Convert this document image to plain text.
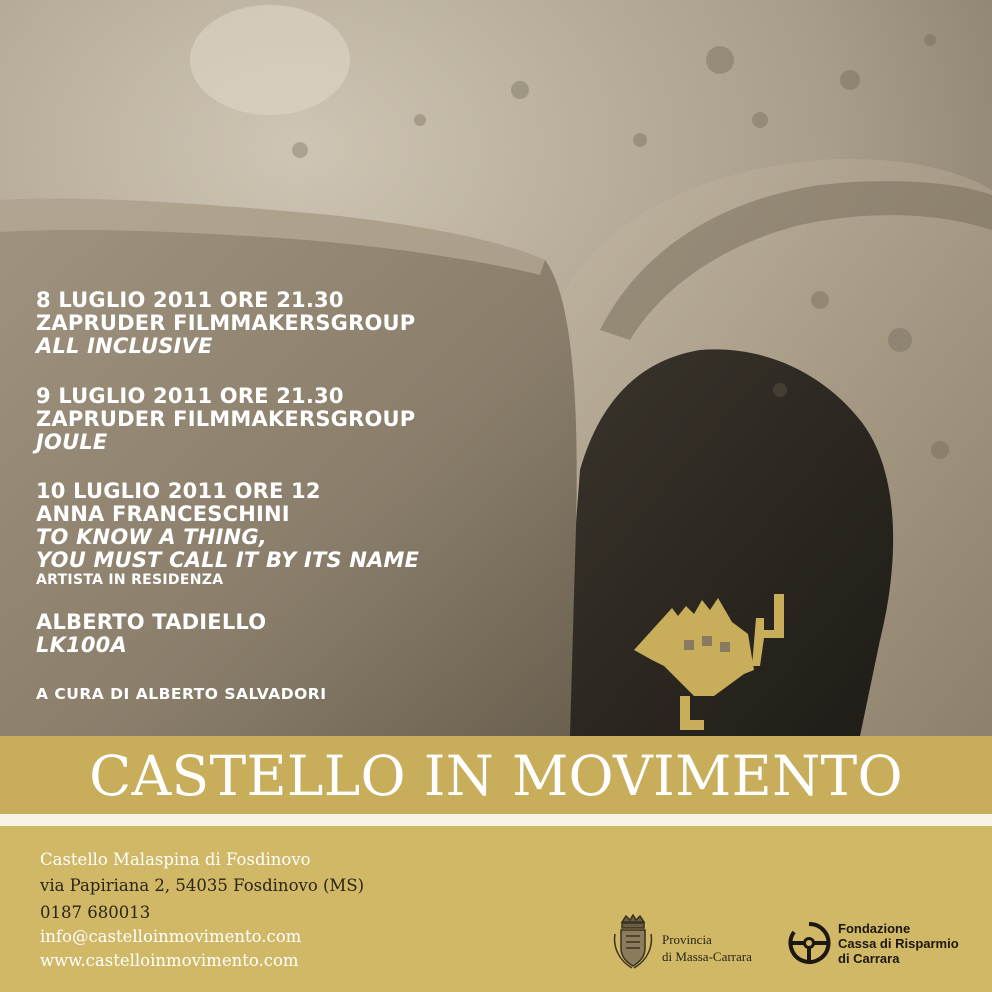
8 LUGLIO 2011 ORE 21.30
ZAPRUDER FILMMAKERSGROUP
ALL INCLUSIVE
9 LUGLIO 2011 ORE 21.30
ZAPRUDER FILMMAKERSGROUP
JOULE
10 LUGLIO 2011 ORE 12
ANNA FRANCESCHINI
TO KNOW A THING,
YOU MUST CALL IT BY ITS NAME
ARTISTA IN RESIDENZA
ALBERTO TADIELLO
LK100A
A CURA DI ALBERTO SALVADORI
CASTELLO IN MOVIMENTO
Castello Malaspina di Fosdinovo
via Papiriana 2, 54035 Fosdinovo (MS)
0187 680013
info@castelloinmovimento.com
www.castelloinmovimento.com
Provincia
di Massa-Carrara
Fondazione
Cassa di Risparmio
di Carrara
